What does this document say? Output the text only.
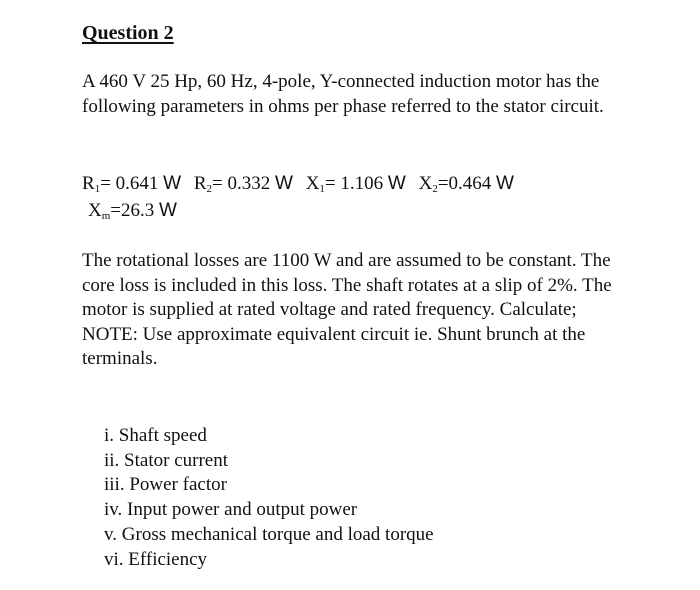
Question 2
A 460 V 25 Hp, 60 Hz, 4-pole, Y-connected induction motor has the following parameters in ohms per phase referred to the stator circuit.
$R_1= 0.641$ W $R_2= 0.332$ W $X_1= 1.106$ W $X_2=0.464$ W
$X_m=26.3$ W

The rotational losses are 1100 W and are assumed to be constant. The core loss is included in this loss. The shaft rotates at a slip of 2%. The motor is supplied at rated voltage and rated frequency. Calculate;

NOTE: Use approximate equivalent circuit ie. Shunt brunch at the terminals.

i. Shaft speed
ii. Stator current
iii. Power factor
iv. Input power and output power
v. Gross mechanical torque and load torque
vi. Efficiency
